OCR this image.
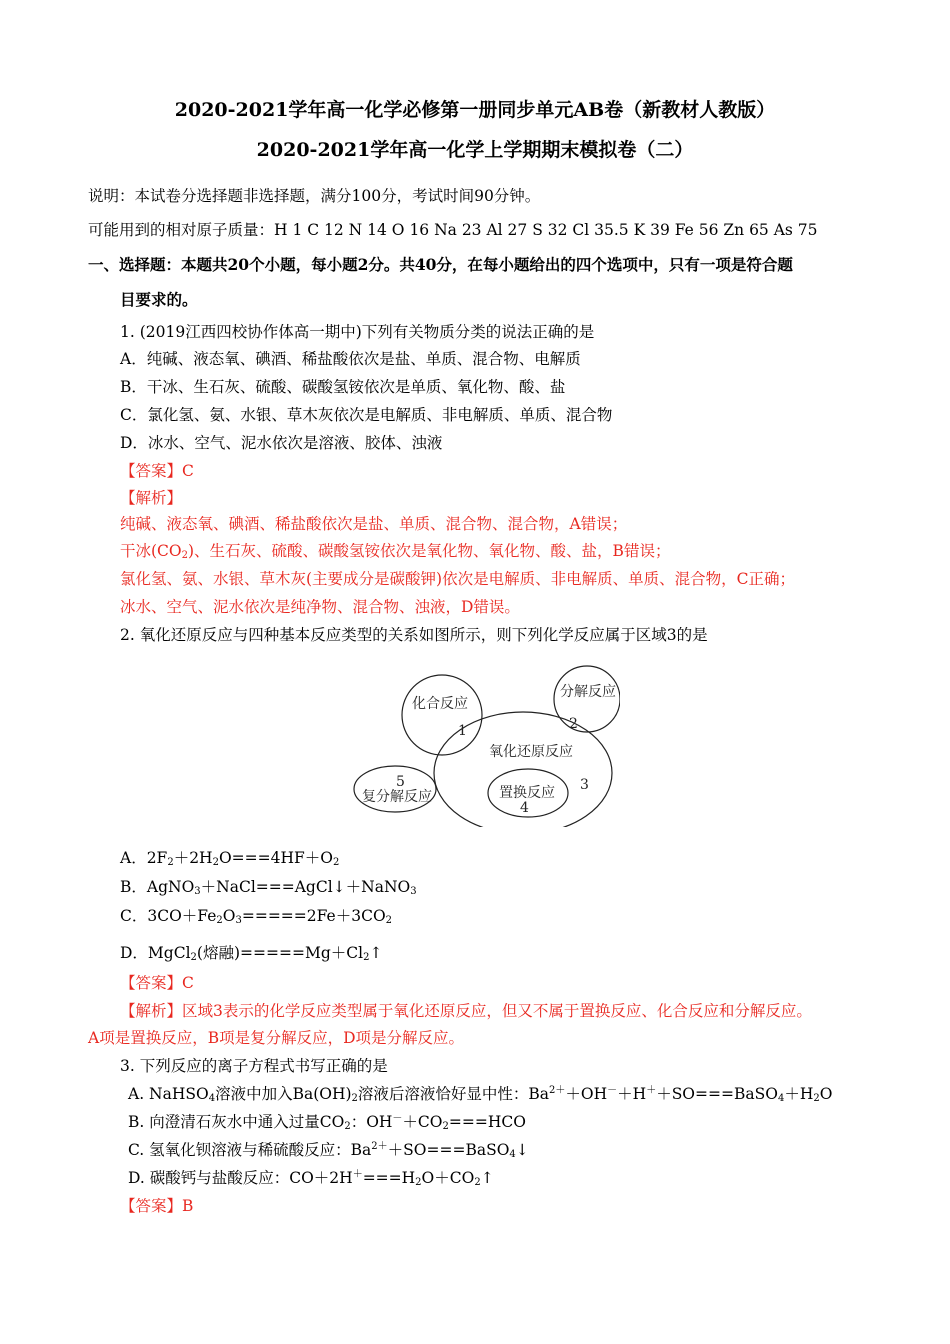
2020-2021学年高一化学必修第一册同步单元AB卷（新教材人教版）
2020-2021学年高一化学上学期期末模拟卷（二）
说明：本试卷分选择题非选择题，满分100分，考试时间90分钟。
可能用到的相对原子质量：H 1 C 12 N 14 O 16 Na 23 Al 27 S 32 Cl 35.5 K 39 Fe 56 Zn 65 As 75
一、选择题：本题共20个小题，每小题2分。共40分，在每小题给出的四个选项中，只有一项是符合题
目要求的。
1. (2019江西四校协作体高一期中)下列有关物质分类的说法正确的是
A．纯碱、液态氧、碘酒、稀盐酸依次是盐、单质、混合物、电解质
B．干冰、生石灰、硫酸、碳酸氢铵依次是单质、氧化物、酸、盐
C．氯化氢、氨、水银、草木灰依次是电解质、非电解质、单质、混合物
D．冰水、空气、泥水依次是溶液、胶体、浊液
【答案】C
【解析】
纯碱、液态氧、碘酒、稀盐酸依次是盐、单质、混合物、混合物，A错误；
干冰$(CO_2)$、生石灰、硫酸、碳酸氢铵依次是氧化物、氧化物、酸、盐，B错误；
氯化氢、氨、水银、草木灰(主要成分是碳酸钾)依次是电解质、非电解质、单质、混合物，C正确；
冰水、空气、泥水依次是纯净物、混合物、浊液，D错误。
2. 氧化还原反应与四种基本反应类型的关系如图所示，则下列化学反应属于区域3的是
化合反应
分解反应
氧化还原反应
复分解反应	置换反应
1	2
3
4
5
A．$2F_2+2H_2O===4HF+O_2$
B．AgNO$_3$＋NaCl===AgCl↓＋NaNO$_3$
C．$3CO+Fe_2O_3=====2Fe+3CO_2$
D．MgCl$_2$(熔融)$=====Mg+Cl_2↑$
【答案】C
【解析】区域3表示的化学反应类型属于氧化还原反应，但又不属于置换反应、化合反应和分解反应。
A项是置换反应，B项是复分解反应，D项是分解反应。
3. 下列反应的离子方程式书写正确的是
A. NaHSO$_4$溶液中加入$Ba(OH)_2$溶液后溶液恰好显中性：$Ba^{2+}+OH^-+H^++SO===BaSO_4+H_2O$
B. 向澄清石灰水中通入过量$CO_2$：$OH^-+CO_2===HCO$
C. 氢氧化钡溶液与稀硫酸反应：$Ba^{2+}+SO===BaSO_4↓$
D. 碳酸钙与盐酸反应：$CO+2H^+===H_2O+CO_2↑$
【答案】B
